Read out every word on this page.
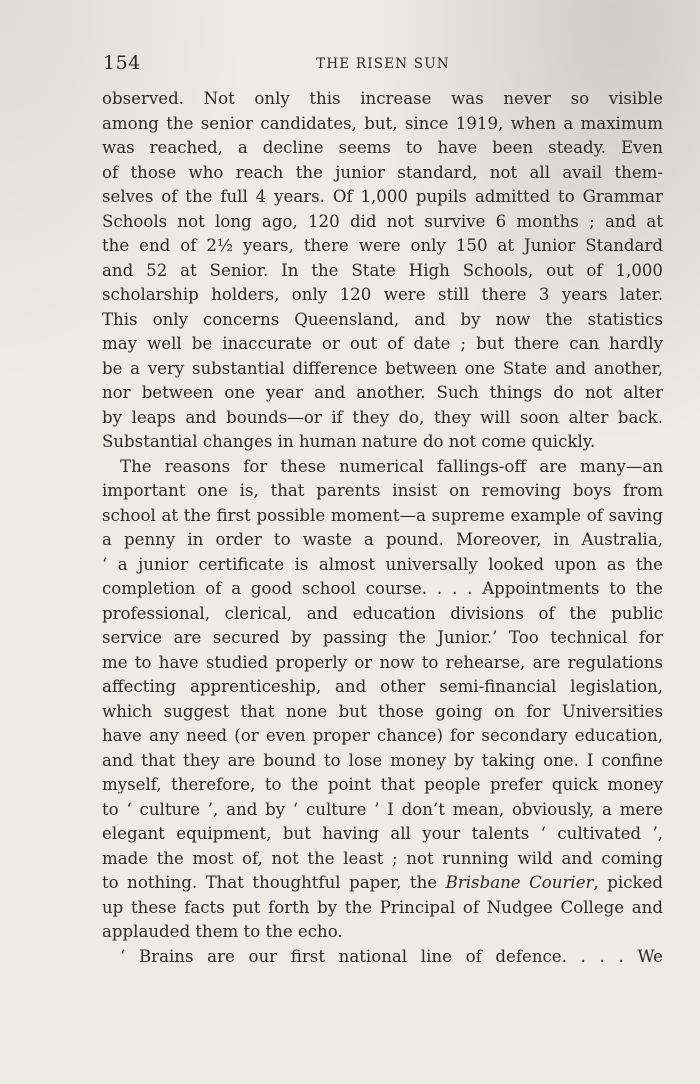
154	THE RISEN SUN
observed. Not only this increase was never so visible
among the senior candidates, but, since 1919, when a maximum
was reached, a decline seems to have been steady. Even
of those who reach the junior standard, not all avail them-
selves of the full 4 years. Of 1,000 pupils admitted to Grammar
Schools not long ago, 120 did not survive 6 months ; and at
the end of 2½ years, there were only 150 at Junior Standard
and 52 at Senior. In the State High Schools, out of 1,000
scholarship holders, only 120 were still there 3 years later.
This only concerns Queensland, and by now the statistics
may well be inaccurate or out of date ; but there can hardly
be a very substantial difference between one State and another,
nor between one year and another. Such things do not alter
by leaps and bounds—or if they do, they will soon alter back.
Substantial changes in human nature do not come quickly.
The reasons for these numerical fallings-off are many—an
important one is, that parents insist on removing boys from
school at the first possible moment—a supreme example of saving
a penny in order to waste a pound. Moreover, in Australia,
‘ a junior certificate is almost universally looked upon as the
completion of a good school course. . . . Appointments to the
professional, clerical, and education divisions of the public
service are secured by passing the Junior.’ Too technical for
me to have studied properly or now to rehearse, are regulations
affecting apprenticeship, and other semi-financial legislation,
which suggest that none but those going on for Universities
have any need (or even proper chance) for secondary education,
and that they are bound to lose money by taking one. I confine
myself, therefore, to the point that people prefer quick money
to ‘ culture ’, and by ‘ culture ’ I don’t mean, obviously, a mere
elegant equipment, but having all your talents ‘ cultivated ’,
made the most of, not the least ; not running wild and coming
to nothing. That thoughtful paper, the Brisbane Courier, picked
up these facts put forth by the Principal of Nudgee College and
applauded them to the echo.
‘ Brains are our first national line of defence. . . . We
